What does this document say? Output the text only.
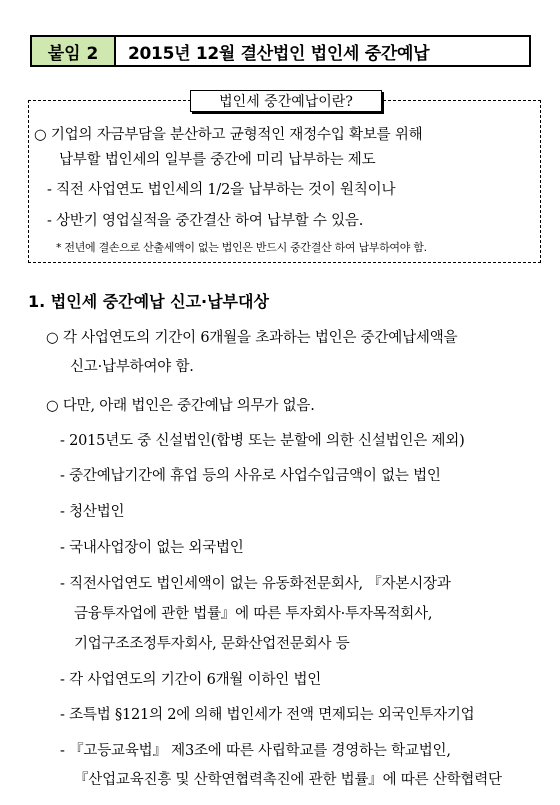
붙임 2	2015년 12월 결산법인 법인세 중간예납
법인세 중간예납이란?
○ 기업의 자금부담을 분산하고 균형적인 재정수입 확보를 위해
납부할 법인세의 일부를 중간에 미리 납부하는 제도
- 직전 사업연도 법인세의 1/2을 납부하는 것이 원칙이나
- 상반기 영업실적을 중간결산 하여 납부할 수 있음.
* 전년에 결손으로 산출세액이 없는 법인은 반드시 중간결산 하여 납부하여야 함.
1. 법인세 중간예납 신고·납부대상
○ 각 사업연도의 기간이 6개월을 초과하는 법인은 중간예납세액을
신고·납부하여야 함.
○ 다만, 아래 법인은 중간예납 의무가 없음.
- 2015년도 중 신설법인(합병 또는 분할에 의한 신설법인은 제외)
- 중간예납기간에 휴업 등의 사유로 사업수입금액이 없는 법인
- 청산법인
- 국내사업장이 없는 외국법인
- 직전사업연도 법인세액이 없는 유동화전문회사, 『자본시장과
금융투자업에 관한 법률』에 따른 투자회사·투자목적회사,
기업구조조정투자회사, 문화산업전문회사 등
- 각 사업연도의 기간이 6개월 이하인 법인
- 조특법 §121의 2에 의해 법인세가 전액 면제되는 외국인투자기업
- 『고등교육법』 제3조에 따른 사립학교를 경영하는 학교법인,
『산업교육진흥 및 산학연협력촉진에 관한 법률』에 따른 산학협력단
